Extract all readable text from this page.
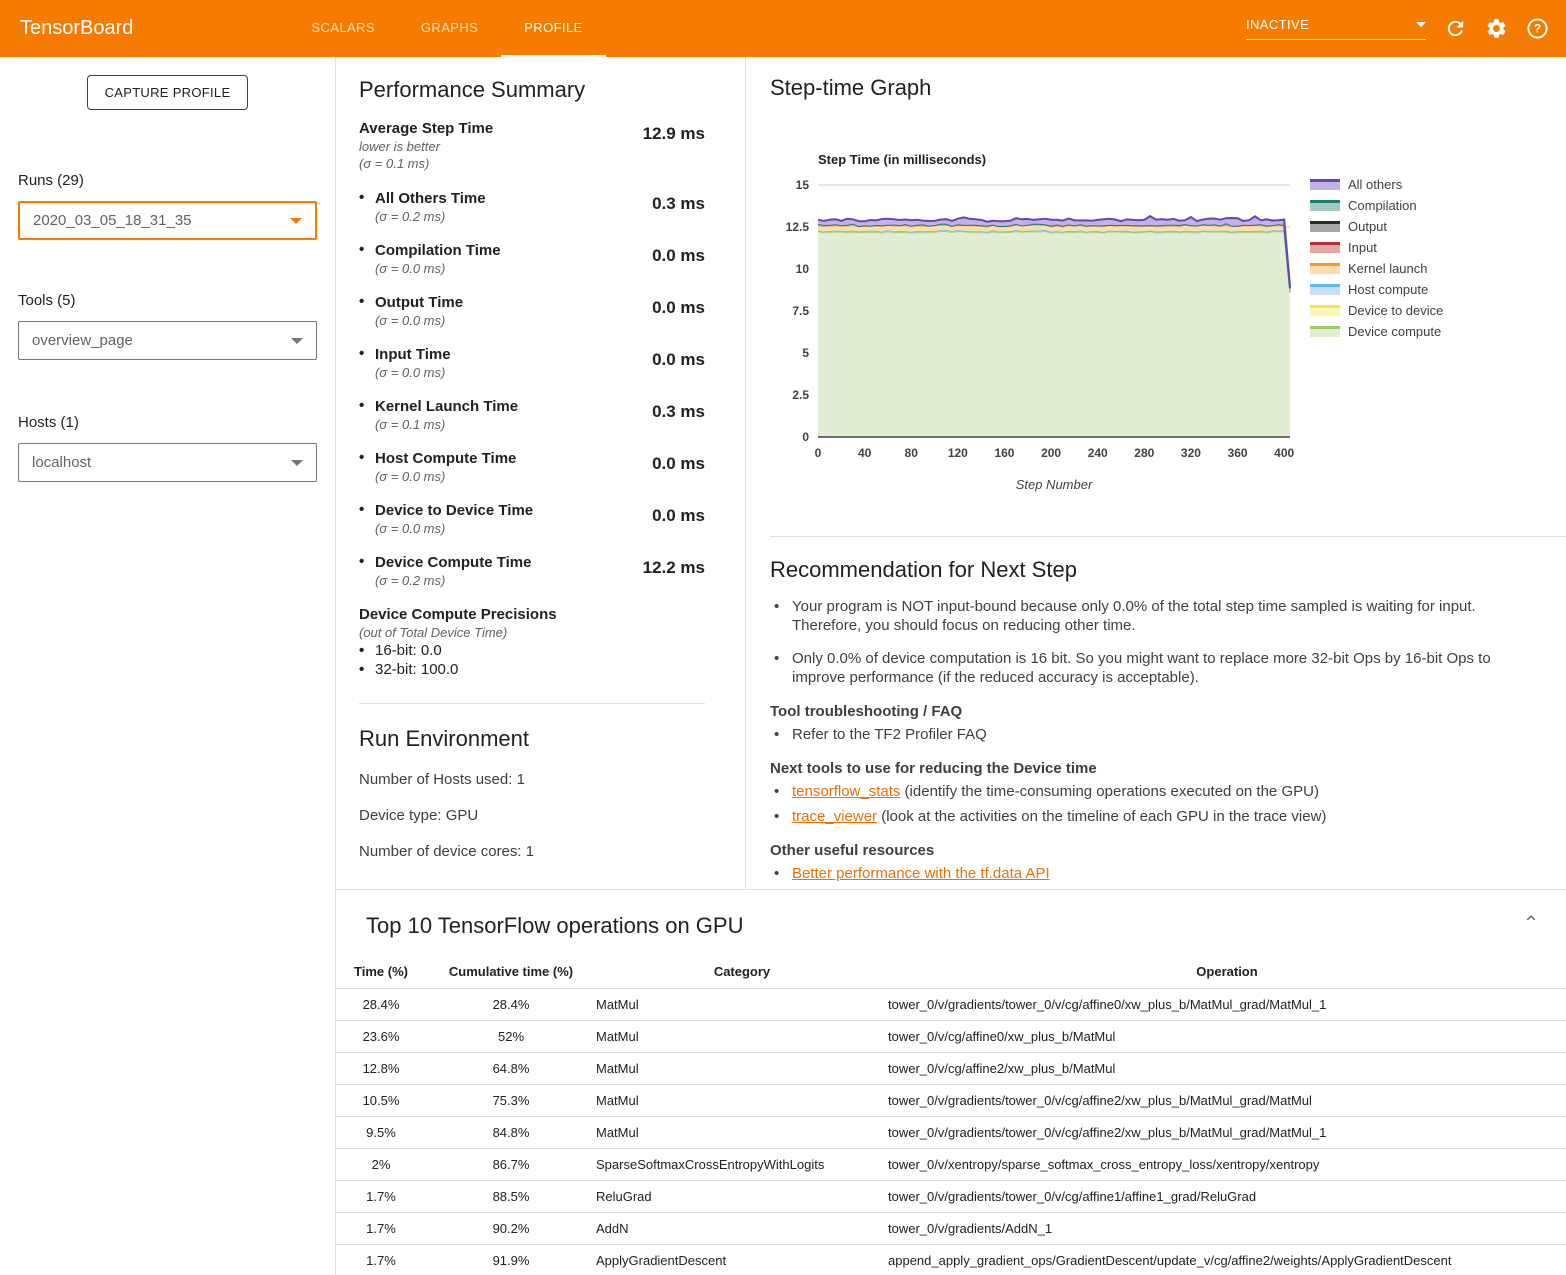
TensorBoard	SCALARS	GRAPHS	PROFILE	INACTIVE	?
CAPTURE PROFILE
Runs (29)
2020_03_05_18_31_35
Tools (5)
overview_page
Hosts (1)
localhost
Performance Summary
Average Step Time
lower is better
(σ = 0.1 ms)
12.9 ms
• All Others Time
(σ = 0.2 ms)
0.3 ms
• Compilation Time
(σ = 0.0 ms)
0.0 ms
• Output Time
(σ = 0.0 ms)
0.0 ms
• Input Time
(σ = 0.0 ms)
0.0 ms
• Kernel Launch Time
(σ = 0.1 ms)
0.3 ms
• Host Compute Time
(σ = 0.0 ms)
0.0 ms
• Device to Device Time
(σ = 0.0 ms)
0.0 ms
• Device Compute Time
(σ = 0.2 ms)
12.2 ms
Device Compute Precisions
(out of Total Device Time)
• 16-bit: 0.0
• 32-bit: 100.0
Run Environment
Number of Hosts used: 1
Device type: GPU
Number of device cores: 1
Step-time Graph
0
2.5
5
7.5
10
12.5
15
0	40	80 120 160 200 240 280 320 360 400
Step Time (in milliseconds)
Step Number
All others
Compilation
Output
Input
Kernel launch
Host compute
Device to device
Device compute
Recommendation for Next Step
• Your program is NOT input-bound because only 0.0% of the total step time sampled is waiting for input. Therefore, you should focus on reducing other time.
• Only 0.0% of device computation is 16 bit. So you might want to replace more 32-bit Ops by 16-bit Ops to improve performance (if the reduced accuracy is acceptable).
Tool troubleshooting / FAQ
• Refer to the TF2 Profiler FAQ
Next tools to use for reducing the Device time
• tensorflow_stats (identify the time-consuming operations executed on the GPU)
• trace_viewer (look at the activities on the timeline of each GPU in the trace view)
Other useful resources
• Better performance with the tf.data API
Top 10 TensorFlow operations on GPU
Time (%)	Cumulative time (%)	Category	Operation
28.4%	28.4%	MatMul	tower_0/v/gradients/tower_0/v/cg/affine0/xw_plus_b/MatMul_grad/MatMul_1
23.6%	52%	MatMul	tower_0/v/cg/affine0/xw_plus_b/MatMul
12.8%	64.8%	MatMul	tower_0/v/cg/affine2/xw_plus_b/MatMul
10.5%	75.3%	MatMul	tower_0/v/gradients/tower_0/v/cg/affine2/xw_plus_b/MatMul_grad/MatMul
9.5%	84.8%	MatMul	tower_0/v/gradients/tower_0/v/cg/affine2/xw_plus_b/MatMul_grad/MatMul_1
2%	86.7%	SparseSoftmaxCrossEntropyWithLogits	tower_0/v/xentropy/sparse_softmax_cross_entropy_loss/xentropy/xentropy
1.7%	88.5%	ReluGrad	tower_0/v/gradients/tower_0/v/cg/affine1/affine1_grad/ReluGrad
1.7%	90.2%	AddN	tower_0/v/gradients/AddN_1
1.7%	91.9%	ApplyGradientDescent	append_apply_gradient_ops/GradientDescent/update_v/cg/affine2/weights/ApplyGradientDescent
